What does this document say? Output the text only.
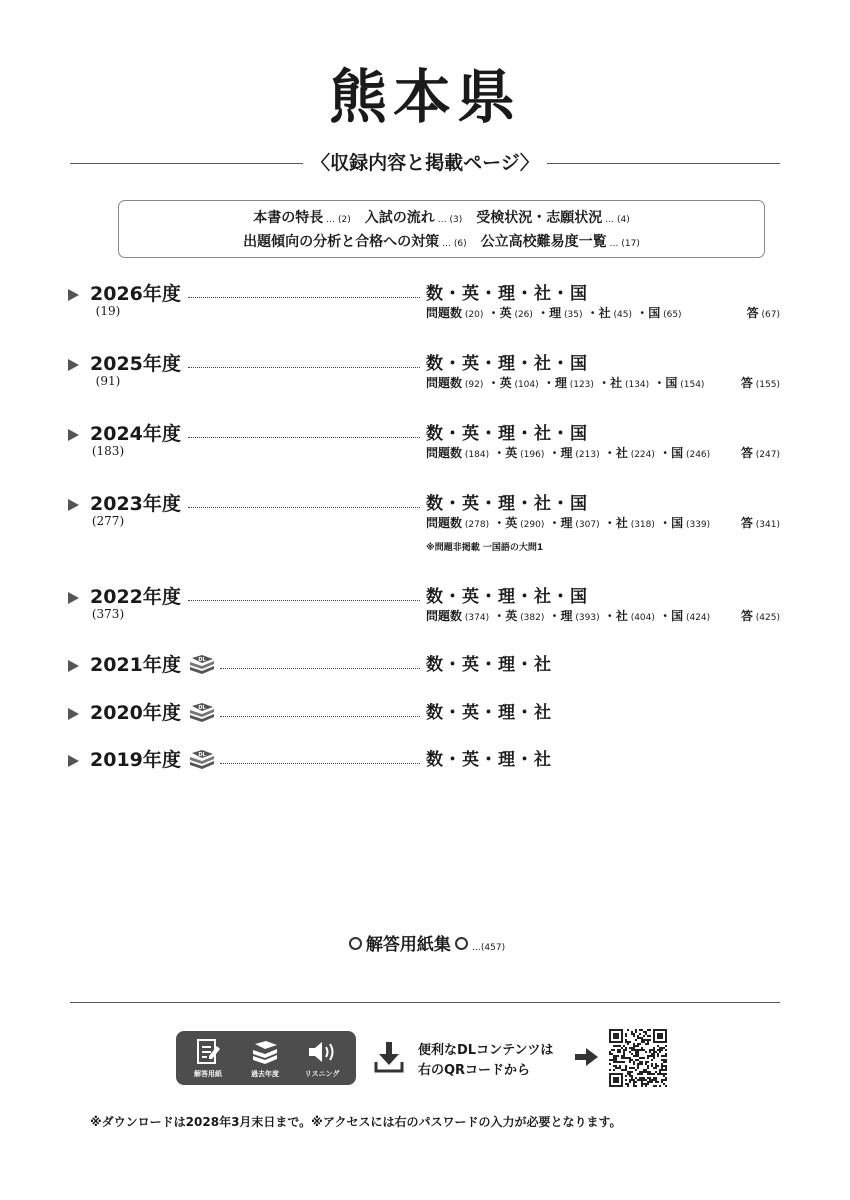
熊本県
〈収録内容と掲載ページ〉
本書の特長 … (2)　 入試の流れ … (3)　 受検状況・志願状況 … (4)
出題傾向の分析と合格への対策 … (6)　 公立高校難易度一覧 … (17)
2026年度	数・英・理・社・国
(19)	問題数 (20) ・英 (26) ・理 (35) ・社 (45) ・国 (65)	答 (67)
2025年度	数・英・理・社・国
(91)	問題数 (92) ・英 (104) ・理 (123) ・社 (134) ・国 (154)	答 (155)
2024年度	数・英・理・社・国
(183)	問題数 (184) ・英 (196) ・理 (213) ・社 (224) ・国 (246)	答 (247)
2023年度	数・英・理・社・国
(277)	問題数 (278) ・英 (290) ・理 (307) ・社 (318) ・国 (339)	答 (341)
※問題非掲載 一国語の大問1
2022年度	数・英・理・社・国
(373)	問題数 (374) ・英 (382) ・理 (393) ・社 (404) ・国 (424)	答 (425)
2021年度	DL	数・英・理・社
2020年度	DL	数・英・理・社
2019年度	DL	数・英・理・社
解答用紙集 …(457)
解答用紙	過去年度	リスニング
便利なDLコンテンツは
右のQRコードから
※ダウンロードは2028年3月末日まで。※アクセスには右のパスワードの入力が必要となります。
